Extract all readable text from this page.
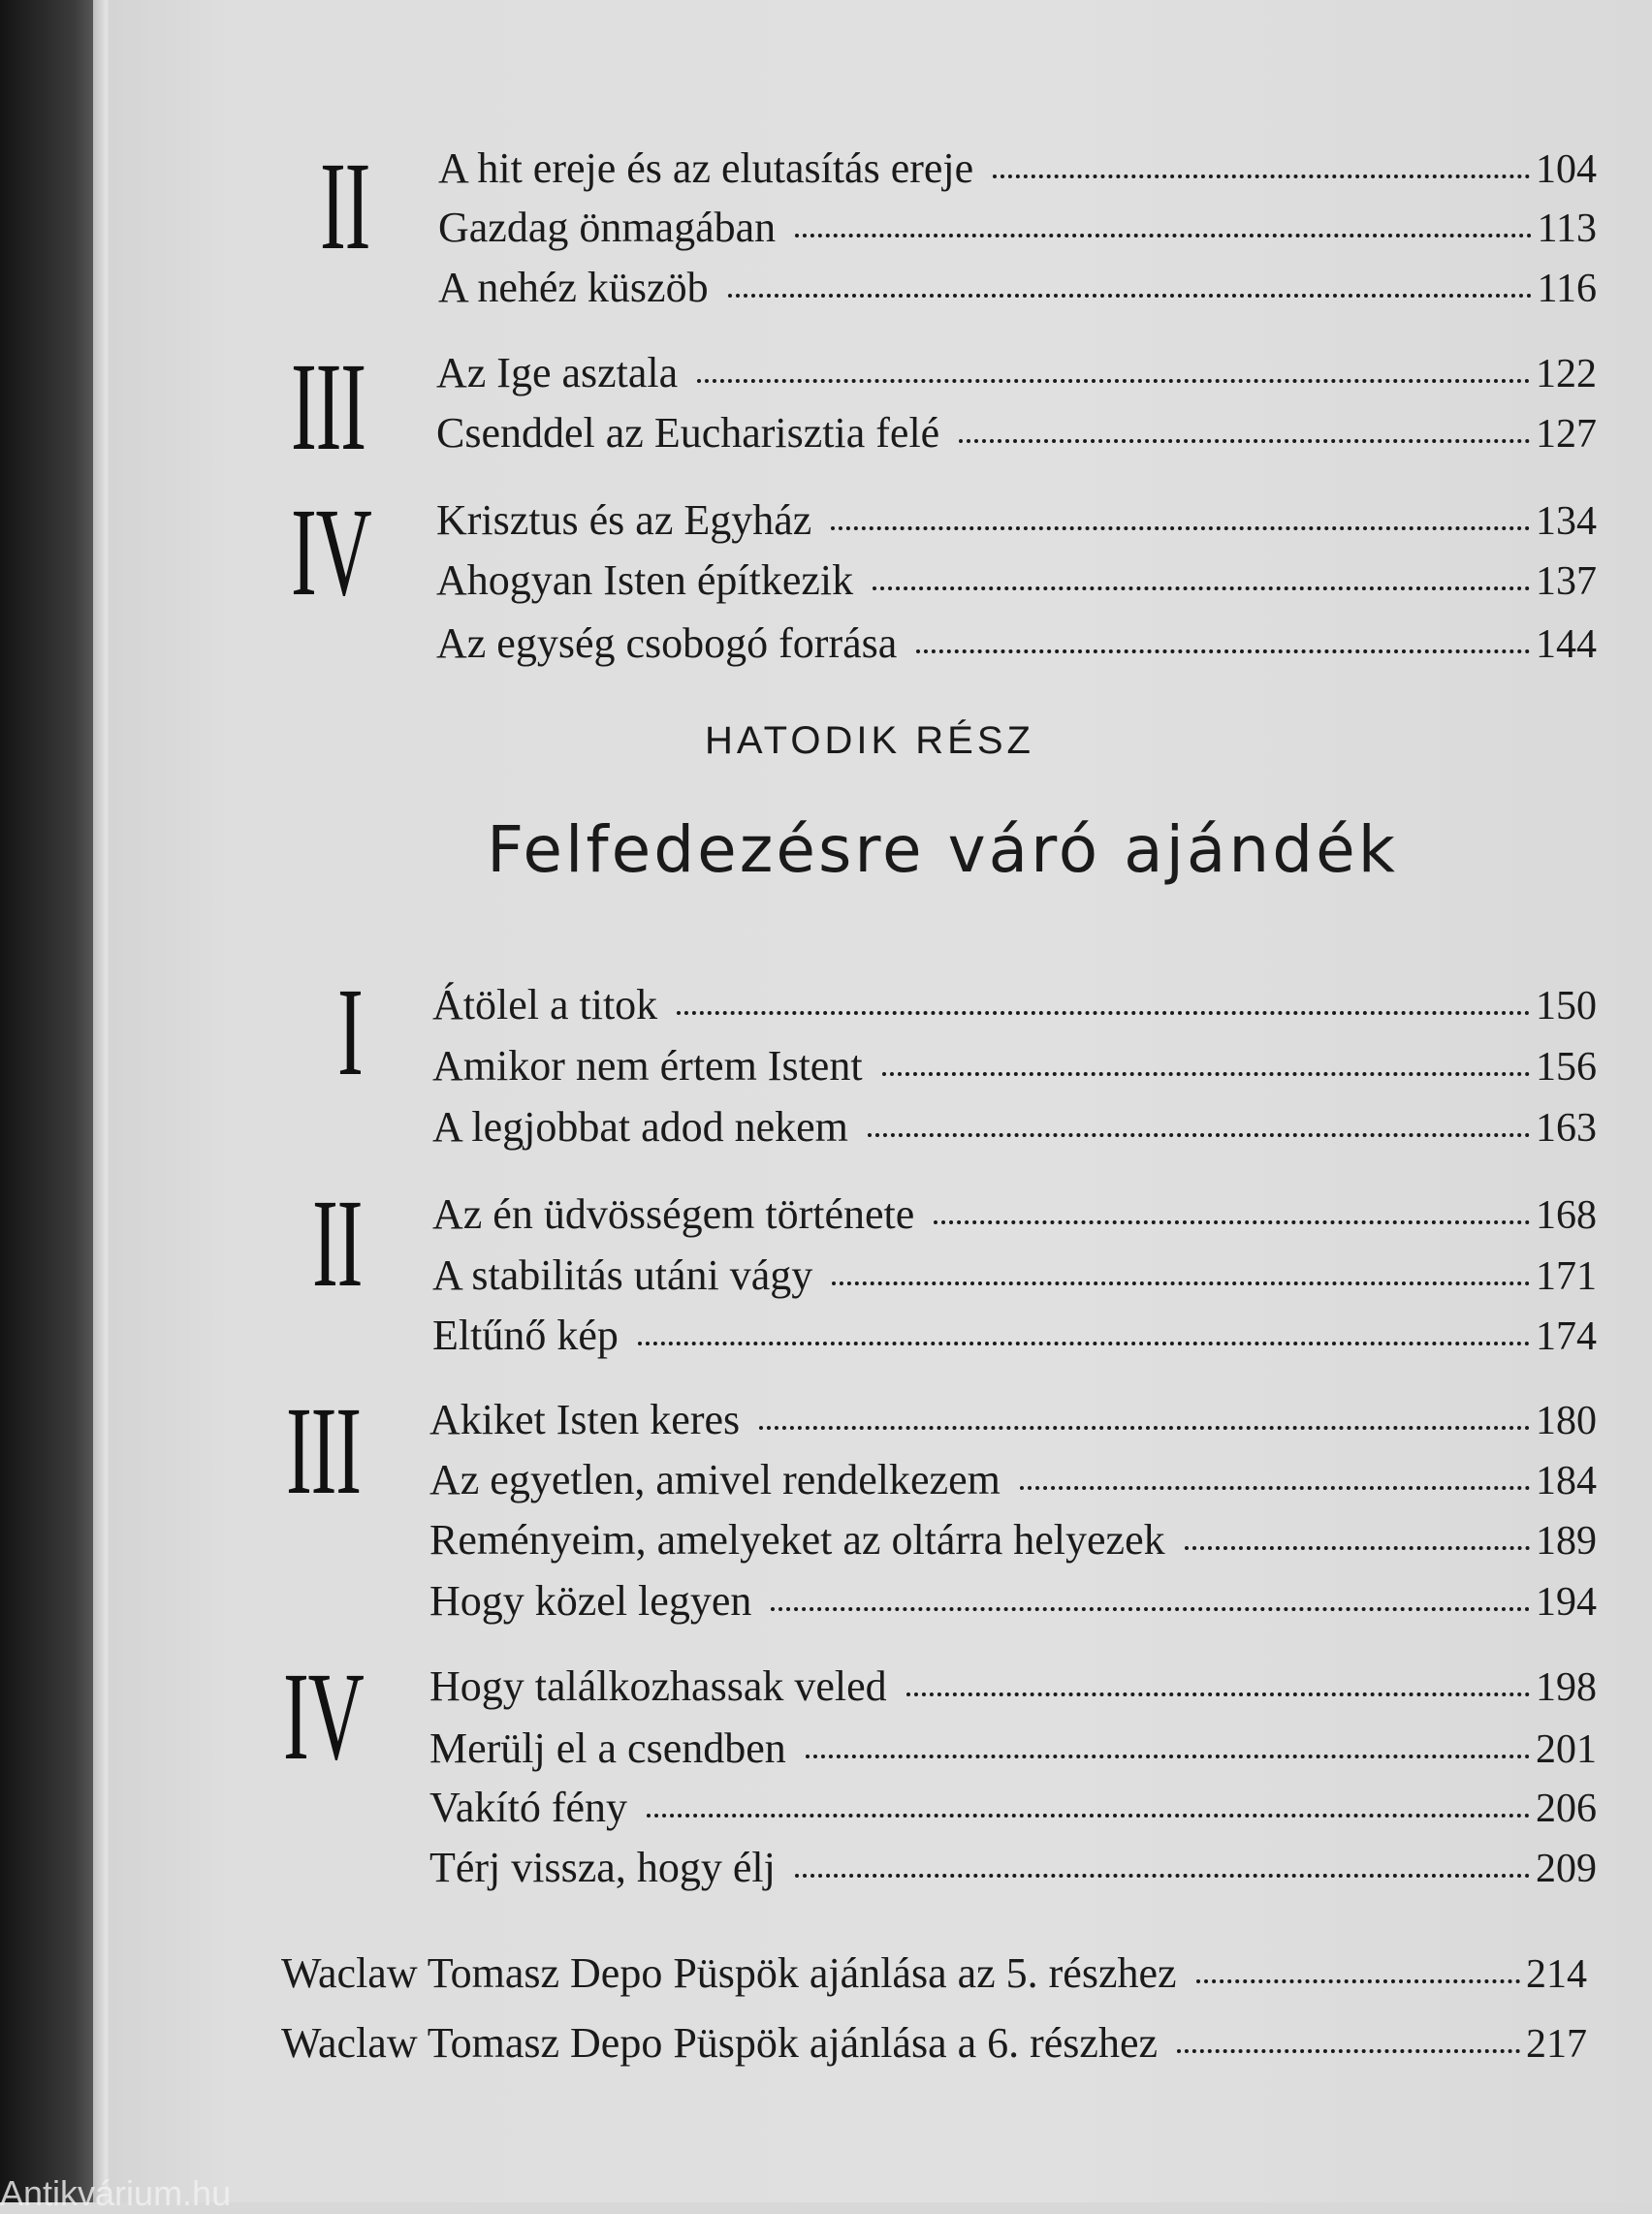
II A hit ereje és az elutasítás ereje	104
Gazdag önmagában	113
A nehéz küszöb	116
III Az Ige asztala	122
Csenddel az Eucharisztia felé	127
IV Krisztus és az Egyház	134
Ahogyan Isten építkezik	137
Az egység csobogó forrása	144
HATODIK RÉSZ
Felfedezésre váró ajándék
I Átölel a titok	150
Amikor nem értem Istent	156
A legjobbat adod nekem	163
II Az én üdvösségem története	168
A stabilitás utáni vágy	171
Eltűnő kép	174
III Akiket Isten keres	180
Az egyetlen, amivel rendelkezem	184
Reményeim, amelyeket az oltárra helyezek	189
Hogy közel legyen	194
IV Hogy találkozhassak veled	198
Merülj el a csendben	201
Vakító fény	206
Térj vissza, hogy élj	209
Waclaw Tomasz Depo Püspök ajánlása az 5. részhez	214
Waclaw Tomasz Depo Püspök ajánlása a 6. részhez	217
Antikvárium.hu
